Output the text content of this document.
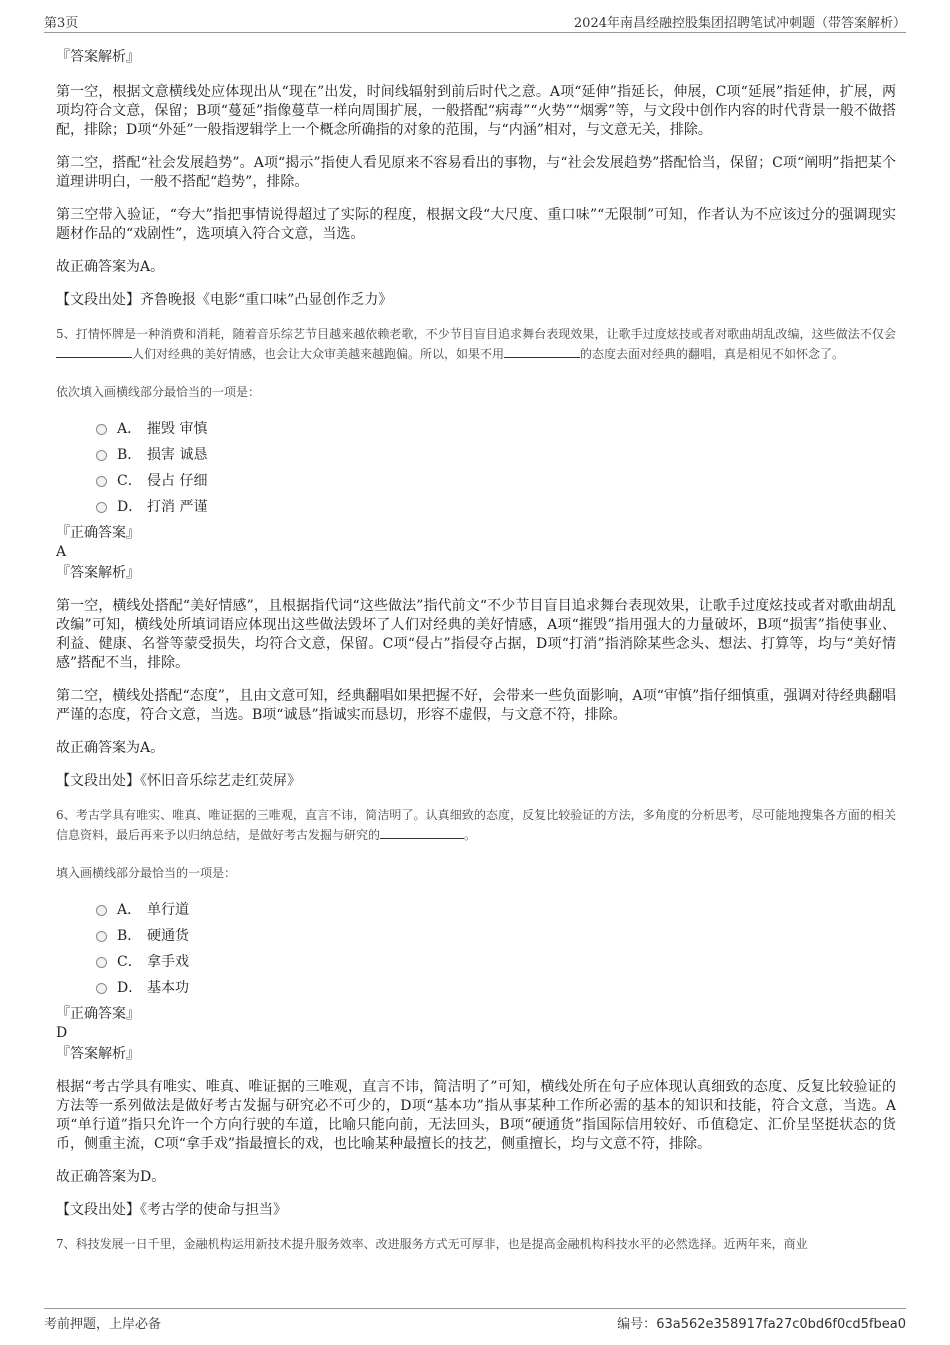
第3页	2024年南昌经融控股集团招聘笔试冲刺题（带答案解析）

『答案解析』

第一空，根据文意横线处应体现出从“现在”出发，时间线辐射到前后时代之意。A项“延伸”指延长，伸展，C项“延展”指延伸，扩展，两项均符合文意，保留；B项“蔓延”指像蔓草一样向周围扩展，一般搭配“病毒”“火势”“烟雾”等，与文段中创作内容的时代背景一般不做搭配，排除；D项“外延”一般指逻辑学上一个概念所确指的对象的范围，与“内涵”相对，与文意无关，排除。

第二空，搭配“社会发展趋势”。A项“揭示”指使人看见原来不容易看出的事物，与“社会发展趋势”搭配恰当，保留；C项“阐明”指把某个道理讲明白，一般不搭配“趋势”，排除。

第三空带入验证，“夸大”指把事情说得超过了实际的程度，根据文段“大尺度、重口味”“无限制”可知，作者认为不应该过分的强调现实题材作品的“戏剧性”，选项填入符合文意，当选。

故正确答案为A。

【文段出处】齐鲁晚报《电影“重口味”凸显创作乏力》

5、打情怀牌是一种消费和消耗，随着音乐综艺节目越来越依赖老歌，不少节目盲目追求舞台表现效果，让歌手过度炫技或者对歌曲胡乱改编，这些做法不仅会人们对经典的美好情感，也会让大众审美越来越跑偏。所以，如果不用	的态度去面对经典的翻唱，真是相见不如怀念了。

依次填入画横线部分最恰当的一项是：

A． 摧毁 审慎
B． 损害 诚恳
C． 侵占 仔细
D． 打消 严谨

『正确答案』

A

『答案解析』

第一空，横线处搭配“美好情感”，且根据指代词“这些做法”指代前文“不少节目盲目追求舞台表现效果，让歌手过度炫技或者对歌曲胡乱改编”可知，横线处所填词语应体现出这些做法毁坏了人们对经典的美好情感，A项“摧毁”指用强大的力量破坏，B项“损害”指使事业、利益、健康、名誉等蒙受损失，均符合文意，保留。C项“侵占”指侵夺占据，D项“打消”指消除某些念头、想法、打算等，均与“美好情感”搭配不当，排除。

第二空，横线处搭配“态度”，且由文意可知，经典翻唱如果把握不好，会带来一些负面影响，A项“审慎”指仔细慎重，强调对待经典翻唱严谨的态度，符合文意，当选。B项“诚恳”指诚实而恳切，形容不虚假，与文意不符，排除。

故正确答案为A。

【文段出处】《怀旧音乐综艺走红荧屏》

6、考古学具有唯实、唯真、唯证据的三唯观，直言不讳，简洁明了。认真细致的态度，反复比较验证的方法，多角度的分析思考，尽可能地搜集各方面的相关信息资料，最后再来予以归纳总结，是做好考古发掘与研究的	。

填入画横线部分最恰当的一项是：

A． 单行道
B． 硬通货
C． 拿手戏
D． 基本功

『正确答案』

D

『答案解析』

根据“考古学具有唯实、唯真、唯证据的三唯观，直言不讳，简洁明了”可知，横线处所在句子应体现认真细致的态度、反复比较验证的方法等一系列做法是做好考古发掘与研究必不可少的，D项“基本功”指从事某种工作所必需的基本的知识和技能，符合文意，当选。A项“单行道”指只允许一个方向行驶的车道，比喻只能向前，无法回头，B项“硬通货”指国际信用较好、币值稳定、汇价呈坚挺状态的货币，侧重主流，C项“拿手戏”指最擅长的戏，也比喻某种最擅长的技艺，侧重擅长，均与文意不符，排除。

故正确答案为D。

【文段出处】《考古学的使命与担当》

7、科技发展一日千里，金融机构运用新技术提升服务效率、改进服务方式无可厚非，也是提高金融机构科技水平的必然选择。近两年来，商业

考前押题，上岸必备	编号：63a562e358917fa27c0bd6f0cd5fbea0
